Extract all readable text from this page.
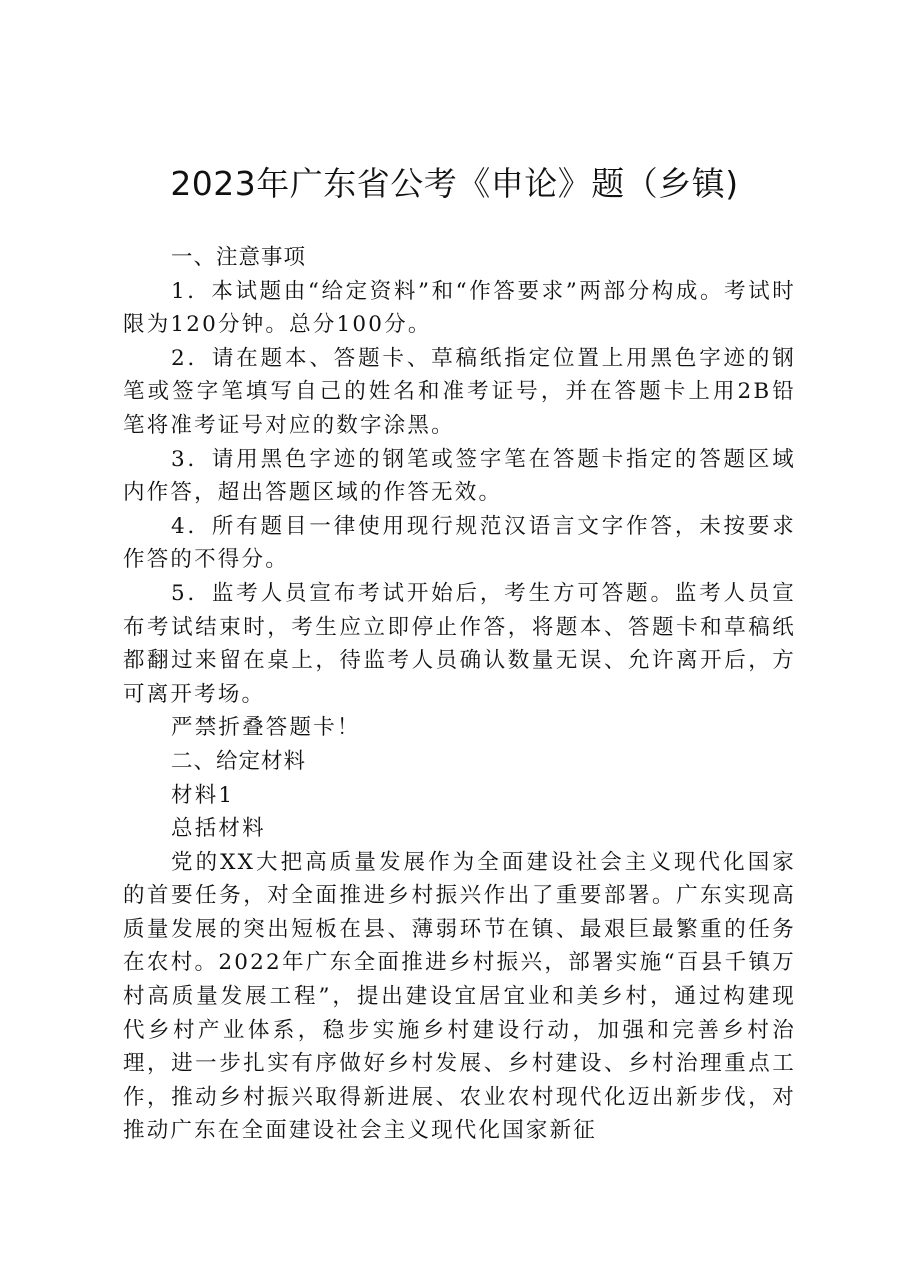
2023年广东省公考《申论》题（乡镇)

一、注意事项

1．本试题由“给定资料”和“作答要求”两部分构成。考试时限为120分钟。总分100分。

2．请在题本、答题卡、草稿纸指定位置上用黑色字迹的钢笔或签字笔填写自己的姓名和准考证号，并在答题卡上用2B铅笔将准考证号对应的数字涂黑。

3．请用黑色字迹的钢笔或签字笔在答题卡指定的答题区域内作答，超出答题区域的作答无效。

4．所有题目一律使用现行规范汉语言文字作答，未按要求作答的不得分。

5．监考人员宣布考试开始后，考生方可答题。监考人员宣布考试结束时，考生应立即停止作答，将题本、答题卡和草稿纸都翻过来留在桌上，待监考人员确认数量无误、允许离开后，方可离开考场。

严禁折叠答题卡！

二、给定材料

材料1

总括材料

党的XX大把高质量发展作为全面建设社会主义现代化国家的首要任务，对全面推进乡村振兴作出了重要部署。广东实现高质量发展的突出短板在县、薄弱环节在镇、最艰巨最繁重的任务在农村。2022年广东全面推进乡村振兴，部署实施“百县千镇万村高质量发展工程”，提出建设宜居宜业和美乡村，通过构建现代乡村产业体系，稳步实施乡村建设行动，加强和完善乡村治理，进一步扎实有序做好乡村发展、乡村建设、乡村治理重点工作，推动乡村振兴取得新进展、农业农村现代化迈出新步伐，对推动广东在全面建设社会主义现代化国家新征
